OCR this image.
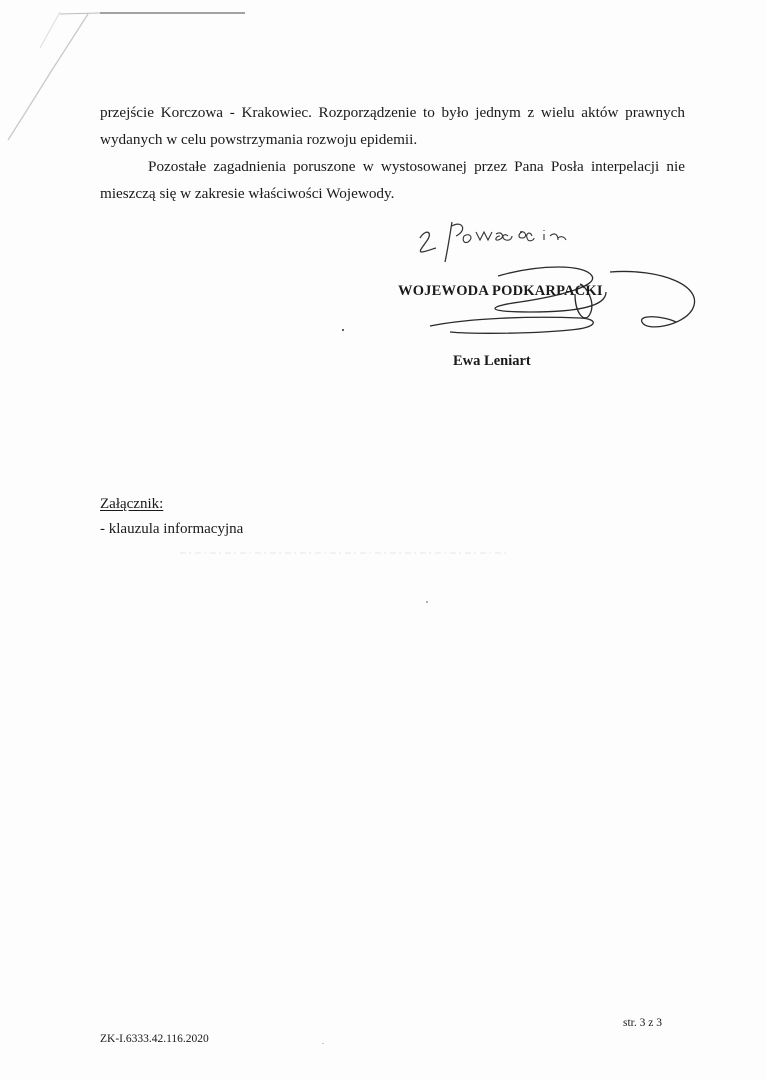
przejście Korczowa - Krakowiec. Rozporządzenie to było jednym z wielu aktów prawnych
wydanych w celu powstrzymania rozwoju epidemii.

Pozostałe zagadnienia poruszone w wystosowanej przez Pana Posła interpelacji nie
mieszczą się w zakresie właściwości Wojewody.

WOJEWODA PODKARPACKI
Ewa Leniart
Załącznik:
- klauzula informacyjna
str. 3 z 3
ZK-I.6333.42.116.2020
